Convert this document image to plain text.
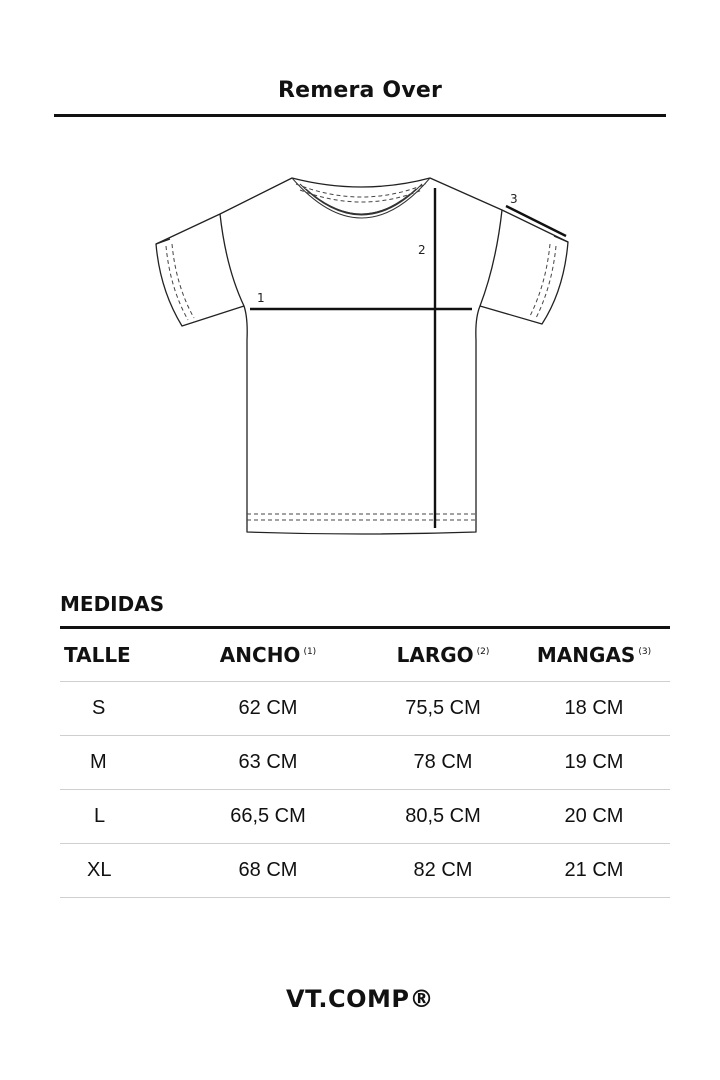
Remera Over
1
2
3
MEDIDAS
TALLE	ANCHO $^{(1)}$	LARGO $^{(2)}$	MANGAS $^{(3)}$
S	62 CM	75,5 CM	18 CM
M	63 CM	78 CM	19 CM
L	66,5 CM	80,5 CM	20 CM
XL	68 CM	82 CM	21 CM
VT.COMP®
